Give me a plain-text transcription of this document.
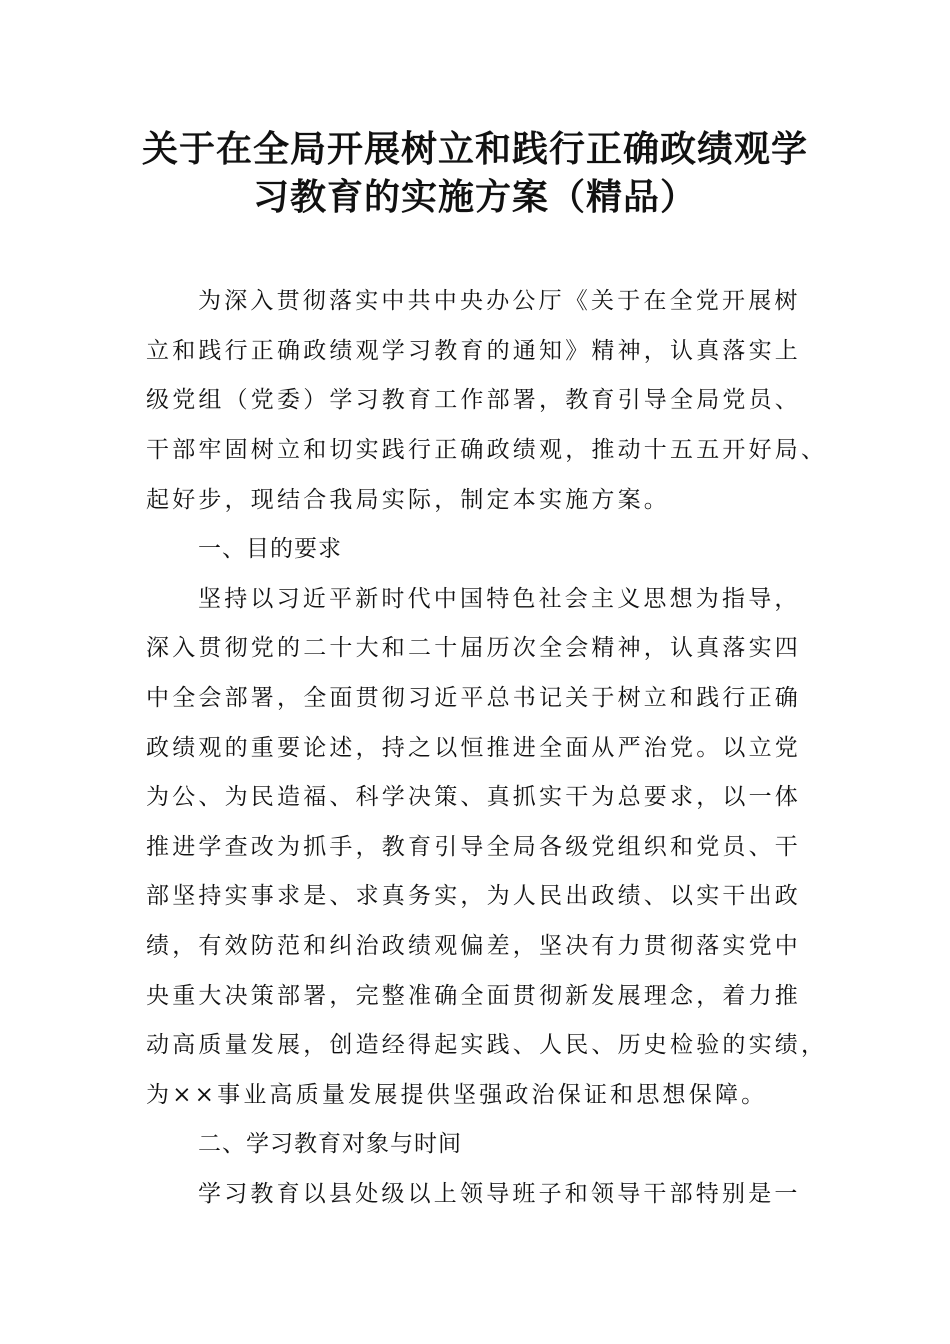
关于在全局开展树立和践行正确政绩观学
习教育的实施方案（精品）
为深入贯彻落实中共中央办公厅《关于在全党开展树
立和践行正确政绩观学习教育的通知》精神，认真落实上
级党组（党委）学习教育工作部署，教育引导全局党员、
干部牢固树立和切实践行正确政绩观，推动十五五开好局、
起好步，现结合我局实际，制定本实施方案。
一、目的要求
坚持以习近平新时代中国特色社会主义思想为指导，
深入贯彻党的二十大和二十届历次全会精神，认真落实四
中全会部署，全面贯彻习近平总书记关于树立和践行正确
政绩观的重要论述，持之以恒推进全面从严治党。以立党
为公、为民造福、科学决策、真抓实干为总要求，以一体
推进学查改为抓手，教育引导全局各级党组织和党员、干
部坚持实事求是、求真务实，为人民出政绩、以实干出政
绩，有效防范和纠治政绩观偏差，坚决有力贯彻落实党中
央重大决策部署，完整准确全面贯彻新发展理念，着力推
动高质量发展，创造经得起实践、人民、历史检验的实绩，
为××事业高质量发展提供坚强政治保证和思想保障。
二、学习教育对象与时间
学习教育以县处级以上领导班子和领导干部特别是一
